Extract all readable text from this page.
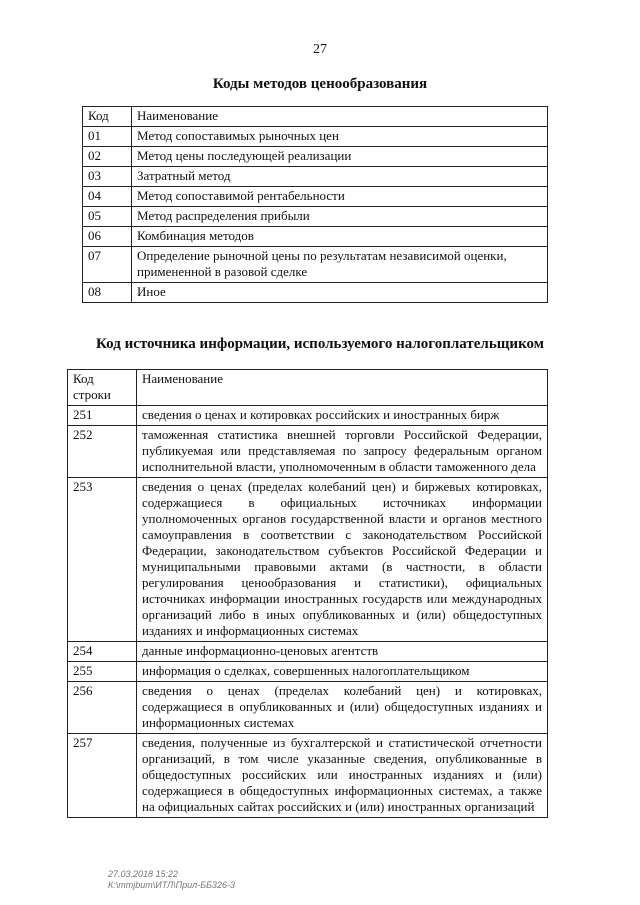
27
Коды методов ценообразования
Код	Наименование
01	Метод сопоставимых рыночных цен
02	Метод цены последующей реализации
03	Затратный метод
04	Метод сопоставимой рентабельности
05	Метод распределения прибыли
06	Комбинация методов
07	Определение рыночной цены по результатам независимой оценки, примененной в разовой сделке
08	Иное
Код источника информации, используемого налогоплательщиком
Код строки	Наименование
251	сведения о ценах и котировках российских и иностранных бирж
252	таможенная статистика внешней торговли Российской Федерации, публикуемая или представляемая по запросу федеральным органом исполнительной власти, уполномоченным в области таможенного дела
253	сведения о ценах (пределах колебаний цен) и биржевых котировках, содержащиеся в официальных источниках информации уполномоченных органов государственной власти и органов местного самоуправления в соответствии с законодательством Российской Федерации, законодательством субъектов Российской Федерации и муниципальными правовыми актами (в частности, в области регулирования ценообразования и статистики), официальных источниках информации иностранных государств или международных организаций либо в иных опубликованных и (или) общедоступных изданиях и информационных системах
254	данные информационно-ценовых агентств
255	информация о сделках, совершенных налогоплательщиком
256	сведения о ценах (пределах колебаний цен) и котировках, содержащиеся в опубликованных и (или) общедоступных изданиях и информационных системах
257	сведения, полученные из бухгалтерской и статистической отчетности организаций, в том числе указанные сведения, опубликованные в общедоступных российских или иностранных изданиях и (или) содержащиеся в общедоступных информационных системах, а также на официальных сайтах российских и (или) иностранных организаций
27.03.2018 15:22
К:\mmjbum\ИТЛ\Прил-ББ326-3
